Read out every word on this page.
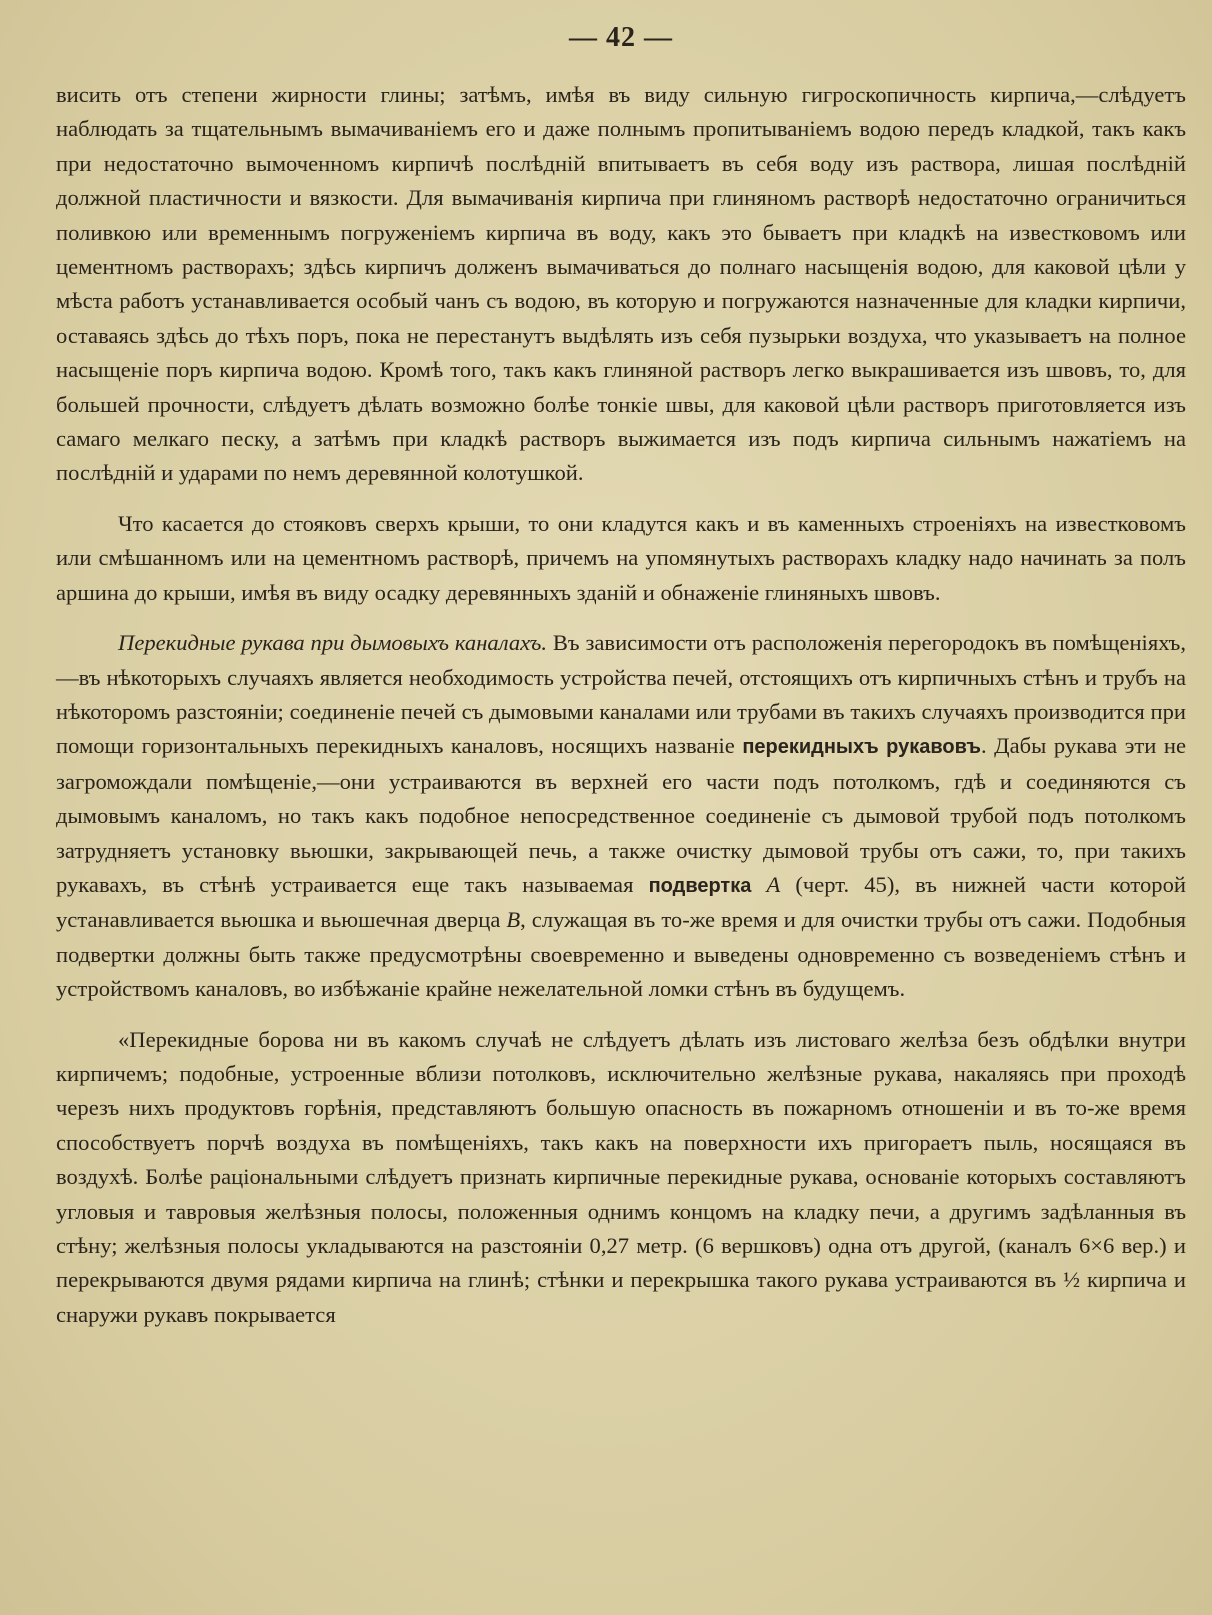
— 42 —

висить отъ степени жирности глины; затѣмъ, имѣя въ виду сильную гигроскопичность кирпича,—слѣдуетъ наблюдать за тщательнымъ вымачиваніемъ его и даже полнымъ пропитываніемъ водою передъ кладкой, такъ какъ при недостаточно вымоченномъ кирпичѣ послѣдній впитываетъ въ себя воду изъ раствора, лишая послѣдній должной пластичности и вязкости. Для вымачиванія кирпича при глиняномъ растворѣ недостаточно ограничиться поливкою или временнымъ погруженіемъ кирпича въ воду, какъ это бываетъ при кладкѣ на известковомъ или цементномъ растворахъ; здѣсь кирпичъ долженъ вымачиваться до полнаго насыщенія водою, для каковой цѣли у мѣста работъ устанавливается особый чанъ съ водою, въ которую и погружаются назначенные для кладки кирпичи, оставаясь здѣсь до тѣхъ поръ, пока не перестанутъ выдѣлять изъ себя пузырьки воздуха, что указываетъ на полное насыщеніе поръ кирпича водою. Кромѣ того, такъ какъ глиняной растворъ легко выкрашивается изъ швовъ, то, для большей прочности, слѣдуетъ дѣлать возможно болѣе тонкіе швы, для каковой цѣли растворъ приготовляется изъ самаго мелкаго песку, а затѣмъ при кладкѣ растворъ выжимается изъ подъ кирпича сильнымъ нажатіемъ на послѣдній и ударами по немъ деревянной колотушкой.

Что касается до стояковъ сверхъ крыши, то они кладутся какъ и въ каменныхъ строеніяхъ на известковомъ или смѣшанномъ или на цементномъ растворѣ, причемъ на упомянутыхъ растворахъ кладку надо начинать за полъ аршина до крыши, имѣя въ виду осадку деревянныхъ зданій и обнаженіе глиняныхъ швовъ.

Перекидные рукава при дымовыхъ каналахъ. Въ зависимости отъ расположенія перегородокъ въ помѣщеніяхъ,—въ нѣкоторыхъ случаяхъ является необходимость устройства печей, отстоящихъ отъ кирпичныхъ стѣнъ и трубъ на нѣкоторомъ разстояніи; соединеніе печей съ дымовыми каналами или трубами въ такихъ случаяхъ производится при помощи горизонтальныхъ перекидныхъ каналовъ, носящихъ названіе перекидныхъ рукавовъ. Дабы рукава эти не загромождали помѣщеніе,—они устраиваются въ верхней его части подъ потолкомъ, гдѣ и соединяются съ дымовымъ каналомъ, но такъ какъ подобное непосредственное соединеніе съ дымовой трубой подъ потолкомъ затрудняетъ установку вьюшки, закрывающей печь, а также очистку дымовой трубы отъ сажи, то, при такихъ рукавахъ, въ стѣнѣ устраивается еще такъ называемая подвертка А (черт. 45), въ нижней части которой устанавливается вьюшка и вьюшечная дверца В, служащая въ то-же время и для очистки трубы отъ сажи. Подобныя подвертки должны быть также предусмотрѣны своевременно и выведены одновременно съ возведеніемъ стѣнъ и устройствомъ каналовъ, во избѣжаніе крайне нежелательной ломки стѣнъ въ будущемъ.

«Перекидные борова ни въ какомъ случаѣ не слѣдуетъ дѣлать изъ листоваго желѣза безъ обдѣлки внутри кирпичемъ; подобные, устроенные вблизи потолковъ, исключительно желѣзные рукава, накаляясь при проходѣ черезъ нихъ продуктовъ горѣнія, представляютъ большую опасность въ пожарномъ отношеніи и въ то-же время способствуетъ порчѣ воздуха въ помѣщеніяхъ, такъ какъ на поверхности ихъ пригораетъ пыль, носящаяся въ воздухѣ. Болѣе раціональными слѣдуетъ признать кирпичные перекидные рукава, основаніе которыхъ составляютъ угловыя и тавровыя желѣзныя полосы, положенныя однимъ концомъ на кладку печи, а другимъ задѣланныя въ стѣну; желѣзныя полосы укладываются на разстояніи 0,27 метр. (6 вершковъ) одна отъ другой, (каналъ 6×6 вер.) и перекрываются двумя рядами кирпича на глинѣ; стѣнки и перекрышка такого рукава устраиваются въ ½ кирпича и снаружи рукавъ покрывается
